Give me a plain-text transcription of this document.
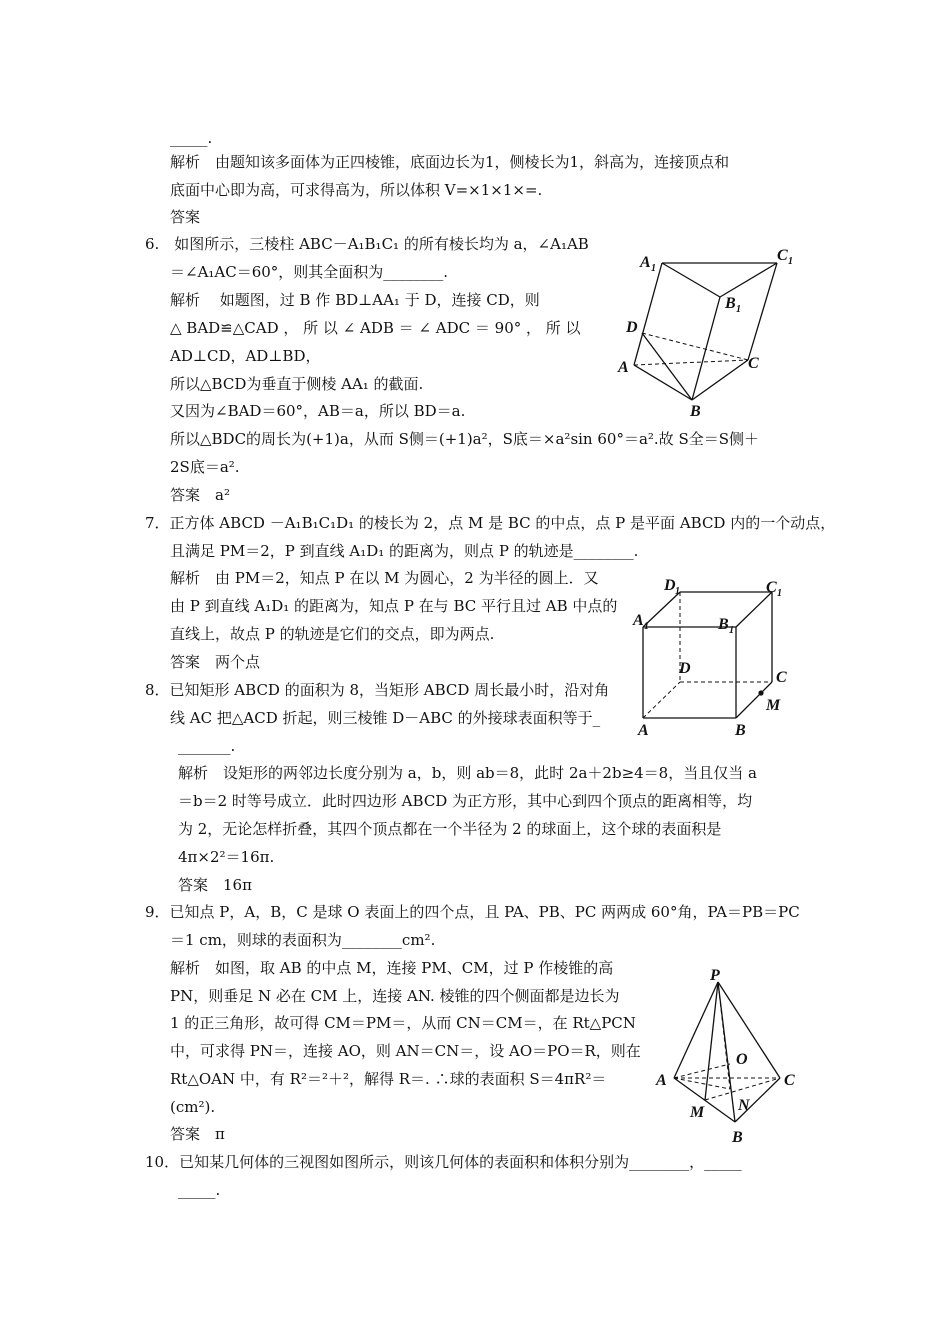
_____.
解析　由题知该多面体为正四棱锥，底面边长为1，侧棱长为1，斜高为，连接顶点和
底面中心即为高，可求得高为，所以体积 V=×1×1×=.
答案
6.　如图所示，三棱柱 ABC－A₁B₁C₁ 的所有棱长均为 a，∠A₁AB
＝∠A₁AC＝60°，则其全面积为________.
解析　 如题图，过 B 作 BD⊥AA₁ 于 D，连接 CD，则
△ BAD≌△CAD ， 所 以 ∠ ADB ＝ ∠ ADC ＝ 90° ， 所 以
AD⊥CD，AD⊥BD，
所以△BCD为垂直于侧棱 AA₁ 的截面.
又因为∠BAD＝60°，AB＝a，所以 BD＝a.
所以△BDC的周长为(+1)a，从而 S侧＝(+1)a²，S底＝×a²sin 60°＝a².故 S全＝S侧＋
2S底＝a².
答案　a²
A 1
C 1
B 1
D
A	C
B
7．正方体 ABCD －A₁B₁C₁D₁ 的棱长为 2，点 M 是 BC 的中点，点 P 是平面 ABCD 内的一个动点，
且满足 PM＝2，P 到直线 A₁D₁ 的距离为，则点 P 的轨迹是________.
解析　由 PM＝2，知点 P 在以 M 为圆心，2 为半径的圆上．又
由 P 到直线 A₁D₁ 的距离为，知点 P 在与 BC 平行且过 AB 中点的
直线上，故点 P 的轨迹是它们的交点，即为两点.
答案　两个点
D 1	C 1
A 1	B 1
D
C
M
A	B
8．已知矩形 ABCD 的面积为 8，当矩形 ABCD 周长最小时，沿对角
线 AC 把△ACD 折起，则三棱锥 D－ABC 的外接球表面积等于_
_______.
解析　设矩形的两邻边长度分别为 a，b，则 ab＝8，此时 2a＋2b≥4＝8，当且仅当 a
＝b＝2 时等号成立．此时四边形 ABCD 为正方形，其中心到四个顶点的距离相等，均
为 2，无论怎样折叠，其四个顶点都在一个半径为 2 的球面上，这个球的表面积是
4π×2²＝16π.
答案　16π
9．已知点 P，A，B，C 是球 O 表面上的四个点，且 PA、PB、PC 两两成 60°角，PA＝PB＝PC
＝1 cm，则球的表面积为________cm².
解析　如图，取 AB 的中点 M，连接 PM、CM，过 P 作棱锥的高
PN，则垂足 N 必在 CM 上，连接 AN. 棱锥的四个侧面都是边长为
1 的正三角形，故可得 CM＝PM＝，从而 CN＝CM＝，在 Rt△PCN
中，可求得 PN＝，连接 AO，则 AN＝CN＝，设 AO＝PO＝R，则在
Rt△OAN 中，有 R²＝²＋²，解得 R＝. ∴球的表面积 S＝4πR²＝
(cm²).
答案　π
P
O
A	C
M N
B
10．已知某几何体的三视图如图所示，则该几何体的表面积和体积分别为________，_____
_____.
